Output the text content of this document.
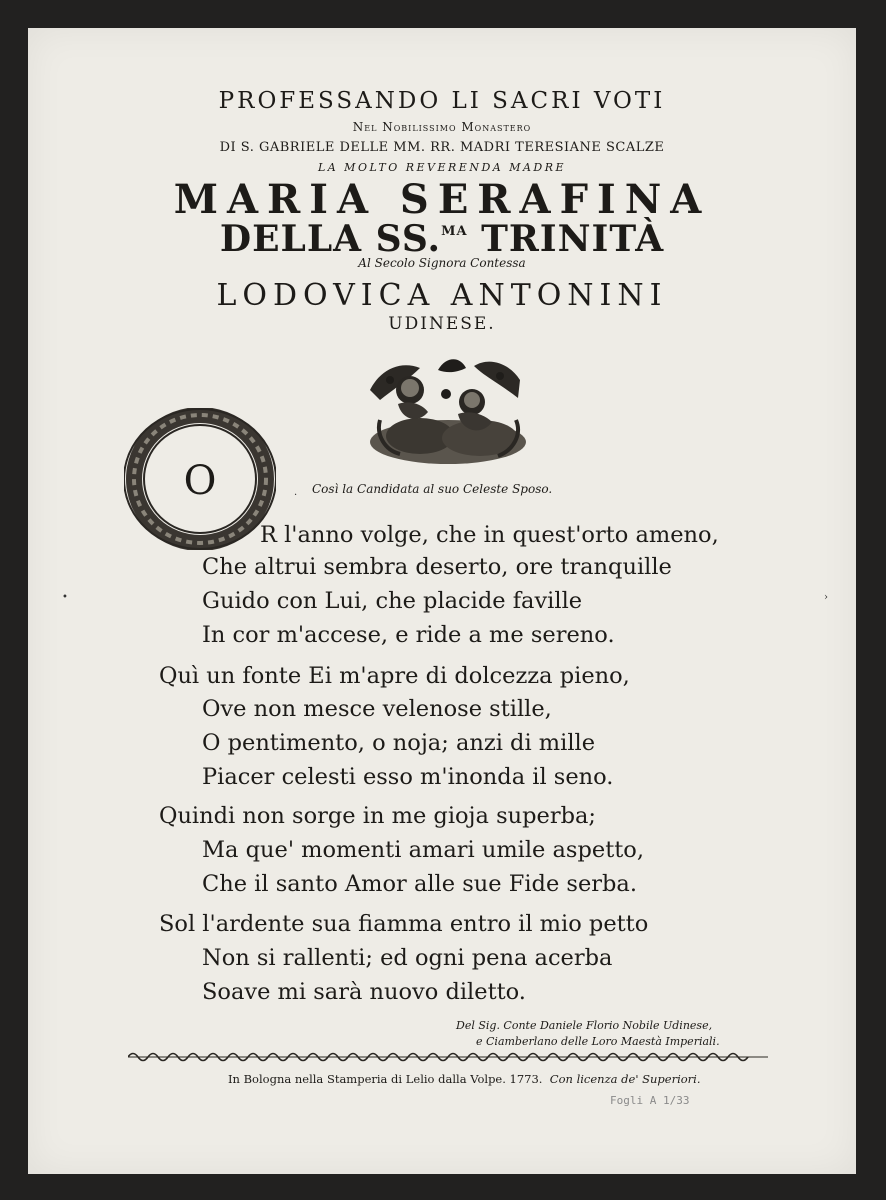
PROFESSANDO LI SACRI VOTI

Nel Nobilissimo Monastero

DI S. GABRIELE DELLE MM. RR. MADRI TERESIANE SCALZE

LA MOLTO REVERENDA MADRE

MARIA SERAFINA

DELLA SS.$^{MA}$ TRINITÀ

Al Secolo Signora Contessa

LODOVICA ANTONINI

UDINESE.

O	· Così la Candidata al suo Celeste Sposo.
R l'anno volge, che in quest'orto ameno,
Che altrui sembra deserto, ore tranquille
Guido con Lui, che placide faville
In cor m'accese, e ride a me sereno.
Quì un fonte Ei m'apre di dolcezza pieno,
Ove non mesce velenose stille,
O pentimento, o noja; anzi di mille
Piacer celesti esso m'inonda il seno.
Quindi non sorge in me gioja superba;
Ma que' momenti amari umile aspetto,
Che il santo Amor alle sue Fide serba.
Sol l'ardente sua fiamma entro il mio petto
Non si rallenti; ed ogni pena acerba
Soave mi sarà nuovo diletto.
Del Sig. Conte Daniele Florio Nobile Udinese,
e Ciamberlano delle Loro Maestà Imperiali.
In Bologna nella Stamperia di Lelio dalla Volpe. 1773. Con licenza de' Superiori.
Fogli A 1/33
•	›
